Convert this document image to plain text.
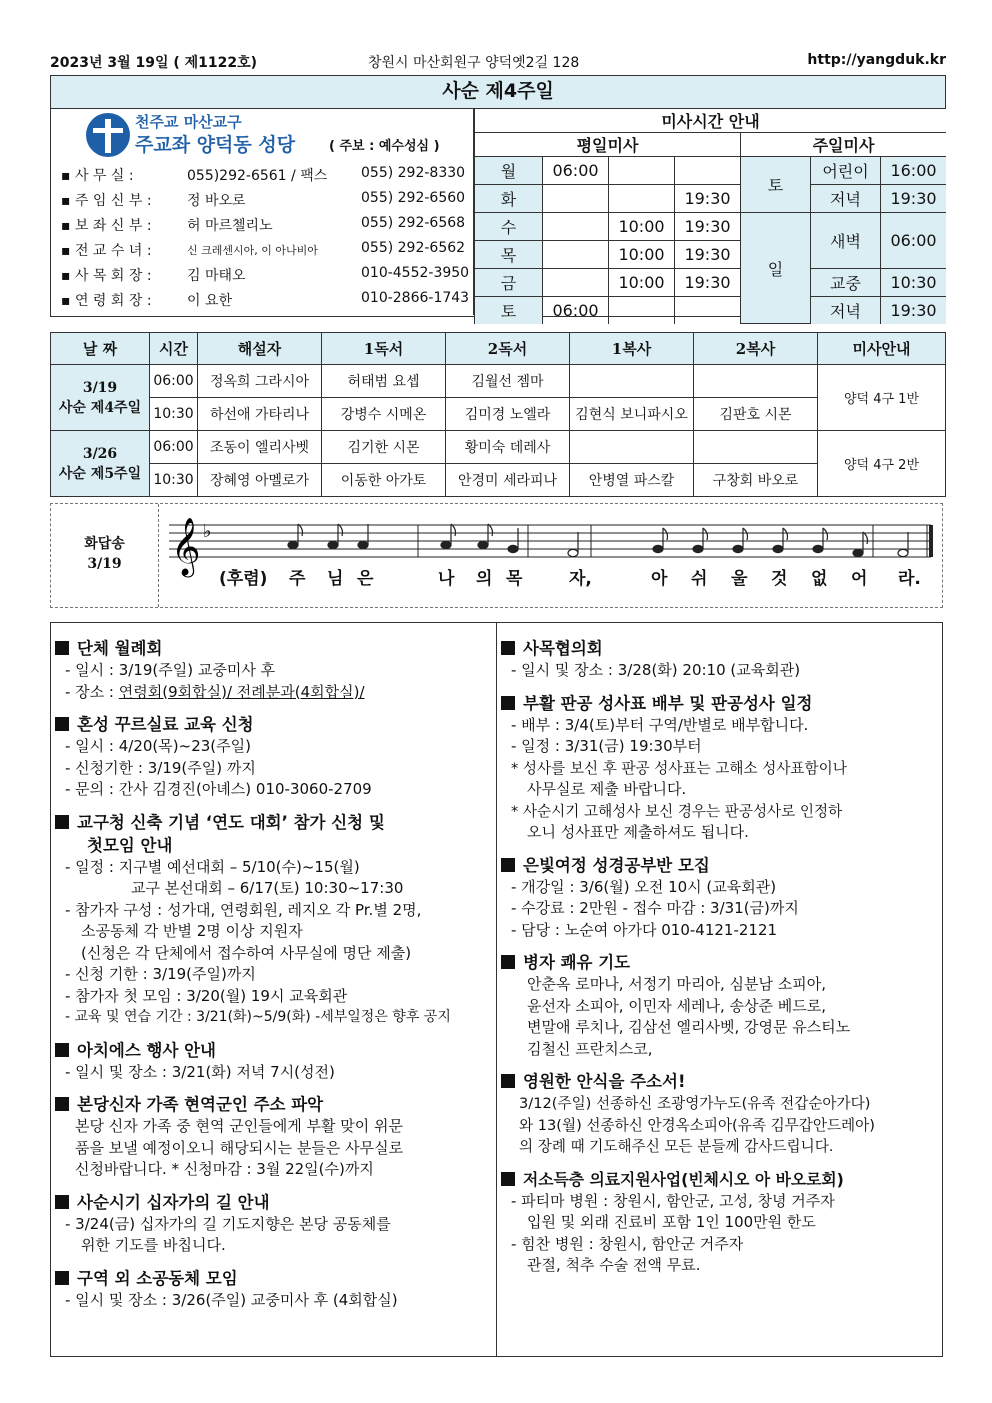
2023년 3월 19일 ( 제1122호)	창원시 마산회원구 양덕옛2길 128	http://yangduk.kr
사순 제4주일
천주교 마산교구
주교좌 양덕동 성당	( 주보 : 예수성심 )
▪ 사 무 실 :	055)292-6561 / 팩스 055) 292-8330
▪ 주 임 신 부 :	정 바오로	055) 292-6560
▪ 보 좌 신 부 :	허 마르첼리노	055) 292-6568
▪ 전 교 수 녀 :	신 크레센시아, 이 아나비아	055) 292-6562
▪ 사 목 회 장 :	김 마태오	010-4552-3950
▪ 연 령 회 장 :	이 요한	010-2866-1743
미사시간 안내						
평일미사				주일미사		
월	06:00			토	어린이	16:00
화			19:30		저녁	19:30
수		10:00	19:30	일	새벽	06:00
목		10:00	19:30			
금		10:00	19:30		교중	10:30
토	06:00				저녁	19:30
날 짜	시간	해설자	1독서	2독서	1복사	2복사	미사안내
3/19
사순 제4주일	06:00	정옥희 그라시아	허태범 요셉	김월선 젬마			양덕 4구 1반
	10:30	하선애 가타리나	강병수 시메온	김미경 노엘라	김현식 보니파시오	김판호 시몬	
3/26
사순 제5주일	06:00	조동이 엘리사벳	김기한 시몬	황미숙 데레사			양덕 4구 2반
	10:30	장혜영 아멜로가	이동한 아가토	안경미 세라피나	안병열 파스칼	구창회 바오로	
화답송
3/19 𝄞 ♭
(후렴) 주 님 은	나 의 목	자,	아 쉬 울 것 없 어 라.
단체 월례회
- 일시 : 3/19(주일) 교중미사 후
- 장소 : 연령회(9회합실)/ 전례분과(4회합실)/
혼성 꾸르실료 교육 신청
- 일시 : 4/20(목)~23(주일)
- 신청기한 : 3/19(주일) 까지
- 문의 : 간사 김경진(아녜스) 010-3060-2709
교구청 신축 기념 ‘연도 대회’ 참가 신청 및
첫모임 안내
- 일정 : 지구별 예선대회 – 5/10(수)~15(월)
교구 본선대회 – 6/17(토) 10:30~17:30
- 참가자 구성 : 성가대, 연령회원, 레지오 각 Pr.별 2명,
소공동체 각 반별 2명 이상 지원자
(신청은 각 단체에서 접수하여 사무실에 명단 제출)
- 신청 기한 : 3/19(주일)까지
- 참가자 첫 모임 : 3/20(월) 19시 교육회관
- 교육 및 연습 기간 : 3/21(화)~5/9(화) -세부일정은 향후 공지
아치에스 행사 안내
- 일시 및 장소 : 3/21(화) 저녁 7시(성전)
본당신자 가족 현역군인 주소 파악
본당 신자 가족 중 현역 군인들에게 부활 맞이 위문
품을 보낼 예정이오니 해당되시는 분들은 사무실로
신청바랍니다. * 신청마감 : 3월 22일(수)까지
사순시기 십자가의 길 안내
- 3/24(금) 십자가의 길 기도지향은 본당 공동체를
위한 기도를 바칩니다.
구역 외 소공동체 모임
- 일시 및 장소 : 3/26(주일) 교중미사 후 (4회합실)
사목협의회
- 일시 및 장소 : 3/28(화) 20:10 (교육회관)
부활 판공 성사표 배부 및 판공성사 일정
- 배부 : 3/4(토)부터 구역/반별로 배부합니다.
- 일정 : 3/31(금) 19:30부터
* 성사를 보신 후 판공 성사표는 고해소 성사표함이나
사무실로 제출 바랍니다.
* 사순시기 고해성사 보신 경우는 판공성사로 인정하
오니 성사표만 제출하셔도 됩니다.
은빛여정 성경공부반 모집
- 개강일 : 3/6(월) 오전 10시 (교육회관)
- 수강료 : 2만원 - 접수 마감 : 3/31(금)까지
- 담당 : 노순여 아가다 010-4121-2121
병자 쾌유 기도
안춘옥 로마나, 서정기 마리아, 심분남 소피아,
윤선자 소피아, 이민자 세레나, 송상준 베드로,
변말애 루치나, 김삼선 엘리사벳, 강영문 유스티노
김철신 프란치스코,
영원한 안식을 주소서!
3/12(주일) 선종하신 조광영가누도(유족 전갑순아가다)
와 13(월) 선종하신 안경옥소피아(유족 김무갑안드레아)
의 장례 때 기도해주신 모든 분들께 감사드립니다.
저소득층 의료지원사업(빈체시오 아 바오로회)
- 파티마 병원 : 창원시, 함안군, 고성, 창녕 거주자
입원 및 외래 진료비 포함 1인 100만원 한도
- 힘찬 병원 : 창원시, 함안군 거주자
관절, 척추 수술 전액 무료.
